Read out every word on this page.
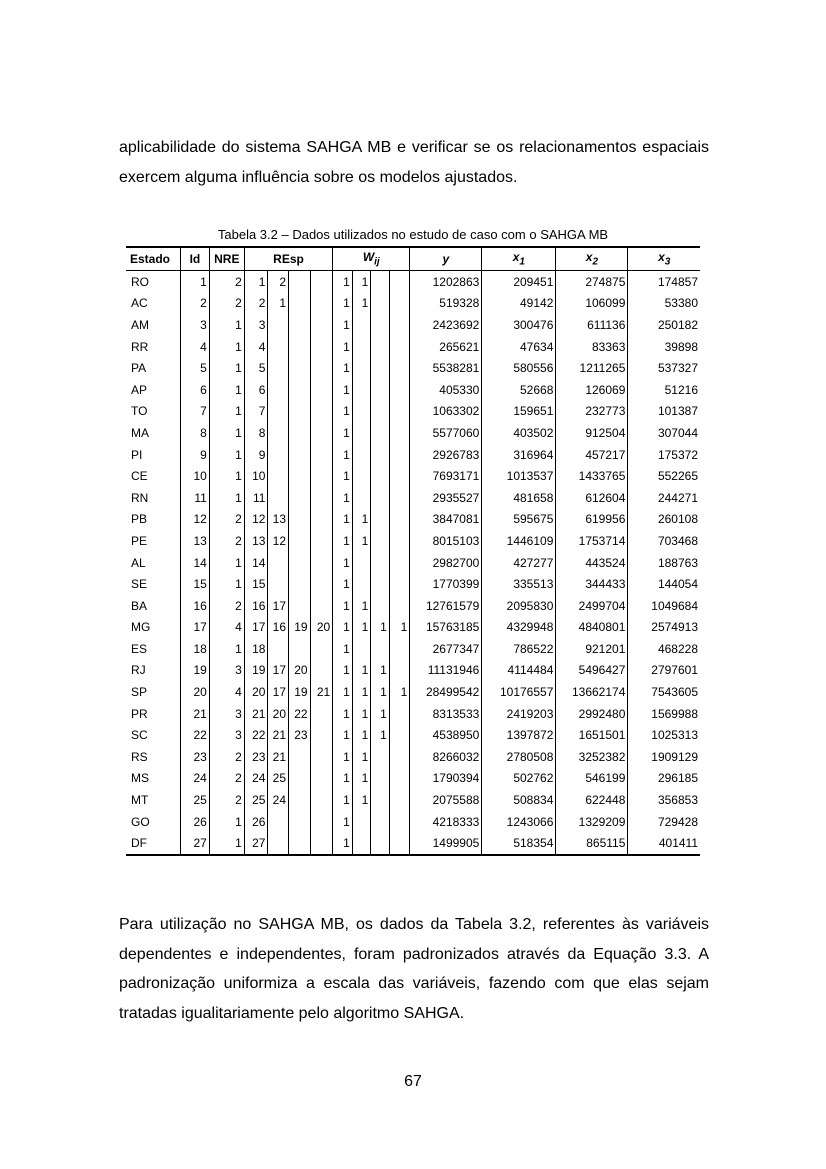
aplicabilidade do sistema SAHGA MB e verificar se os relacionamentos espaciais exercem alguma influência sobre os modelos ajustados.

Tabela 3.2 – Dados utilizados no estudo de caso com o SAHGA MB
Estado	Id	NRE	REsp				$W_{ij}$				y	$x_1$	$x_2$	$x_3$
RO	1	2	1	2			1	1			1202863	209451	274875	174857
AC	2	2	2	1			1	1			519328	49142	106099	53380
AM	3	1	3				1				2423692	300476	611136	250182
RR	4	1	4				1				265621	47634	83363	39898
PA	5	1	5				1				5538281	580556	1211265	537327
AP	6	1	6				1				405330	52668	126069	51216
TO	7	1	7				1				1063302	159651	232773	101387
MA	8	1	8				1				5577060	403502	912504	307044
PI	9	1	9				1				2926783	316964	457217	175372
CE	10	1	10				1				7693171	1013537	1433765	552265
RN	11	1	11				1				2935527	481658	612604	244271
PB	12	2	12	13			1	1			3847081	595675	619956	260108
PE	13	2	13	12			1	1			8015103	1446109	1753714	703468
AL	14	1	14				1				2982700	427277	443524	188763
SE	15	1	15				1				1770399	335513	344433	144054
BA	16	2	16	17			1	1			12761579	2095830	2499704	1049684
MG	17	4	17	16	19	20	1	1	1	1	15763185	4329948	4840801	2574913
ES	18	1	18				1				2677347	786522	921201	468228
RJ	19	3	19	17	20		1	1	1		11131946	4114484	5496427	2797601
SP	20	4	20	17	19	21	1	1	1	1	28499542	10176557	13662174	7543605
PR	21	3	21	20	22		1	1	1		8313533	2419203	2992480	1569988
SC	22	3	22	21	23		1	1	1		4538950	1397872	1651501	1025313
RS	23	2	23	21			1	1			8266032	2780508	3252382	1909129
MS	24	2	24	25			1	1			1790394	502762	546199	296185
MT	25	2	25	24			1	1			2075588	508834	622448	356853
GO	26	1	26				1				4218333	1243066	1329209	729428
DF	27	1	27				1				1499905	518354	865115	401411

Para utilização no SAHGA MB, os dados da Tabela 3.2, referentes às variáveis dependentes e independentes, foram padronizados através da Equação 3.3. A padronização uniformiza a escala das variáveis, fazendo com que elas sejam tratadas igualitariamente pelo algoritmo SAHGA.

67
